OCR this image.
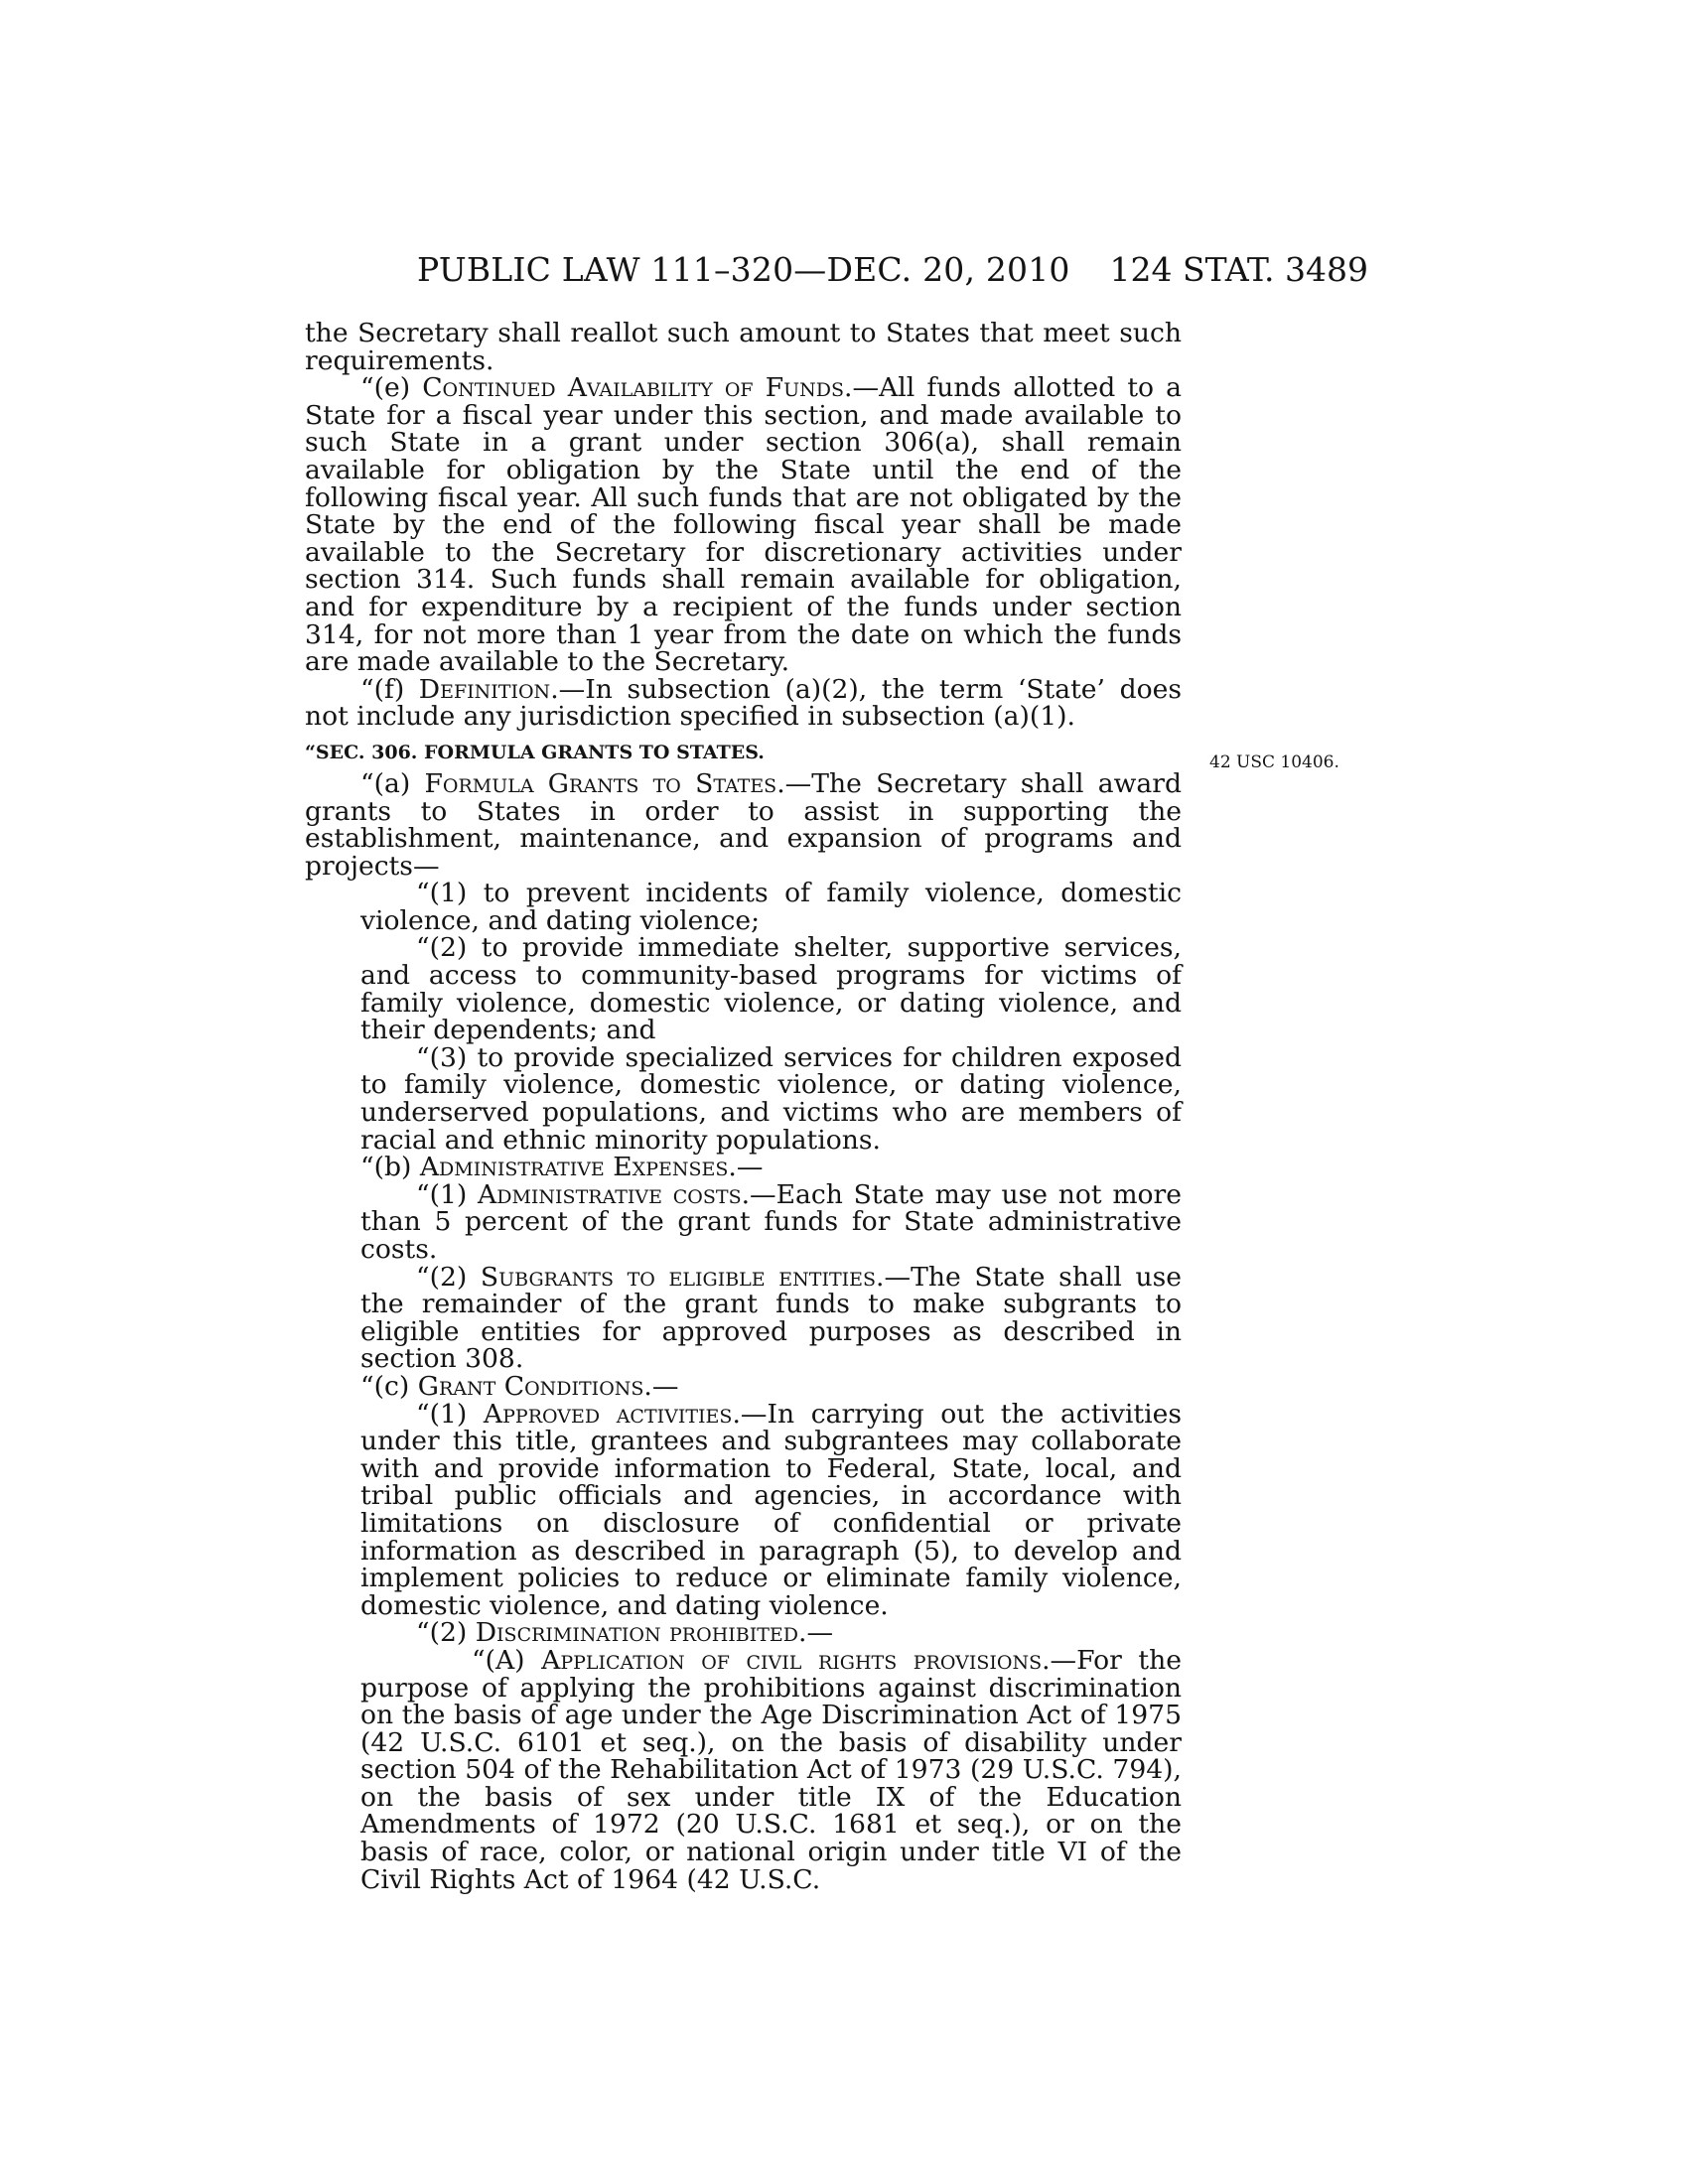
PUBLIC LAW 111–320—DEC. 20, 2010 124 STAT. 3489
42 USC 10406.

the Secretary shall reallot such amount to States that meet such requirements.

“(e) Continued Availability of Funds.—All funds allotted to a State for a fiscal year under this section, and made available to such State in a grant under section 306(a), shall remain available for obligation by the State until the end of the following fiscal year. All such funds that are not obligated by the State by the end of the following fiscal year shall be made available to the Secretary for discretionary activities under section 314. Such funds shall remain available for obligation, and for expenditure by a recipient of the funds under section 314, for not more than 1 year from the date on which the funds are made available to the Secretary.

“(f) Definition.—In subsection (a)(2), the term ‘State’ does not include any jurisdiction specified in subsection (a)(1).

“SEC. 306. FORMULA GRANTS TO STATES.

“(a) Formula Grants to States.—The Secretary shall award grants to States in order to assist in supporting the establishment, maintenance, and expansion of programs and projects—

“(1) to prevent incidents of family violence, domestic violence, and dating violence;

“(2) to provide immediate shelter, supportive services, and access to community-based programs for victims of family violence, domestic violence, or dating violence, and their dependents; and

“(3) to provide specialized services for children exposed to family violence, domestic violence, or dating violence, underserved populations, and victims who are members of racial and ethnic minority populations.

“(b) Administrative Expenses.—

“(1) Administrative costs.—Each State may use not more than 5 percent of the grant funds for State administrative costs.

“(2) Subgrants to eligible entities.—The State shall use the remainder of the grant funds to make subgrants to eligible entities for approved purposes as described in section 308.

“(c) Grant Conditions.—

“(1) Approved activities.—In carrying out the activities under this title, grantees and subgrantees may collaborate with and provide information to Federal, State, local, and tribal public officials and agencies, in accordance with limitations on disclosure of confidential or private information as described in paragraph (5), to develop and implement policies to reduce or eliminate family violence, domestic violence, and dating violence.

“(2) Discrimination prohibited.—

“(A) Application of civil rights provisions.—For the purpose of applying the prohibitions against discrimination on the basis of age under the Age Discrimination Act of 1975 (42 U.S.C. 6101 et seq.), on the basis of disability under section 504 of the Rehabilitation Act of 1973 (29 U.S.C. 794), on the basis of sex under title IX of the Education Amendments of 1972 (20 U.S.C. 1681 et seq.), or on the basis of race, color, or national origin under title VI of the Civil Rights Act of 1964 (42 U.S.C.
